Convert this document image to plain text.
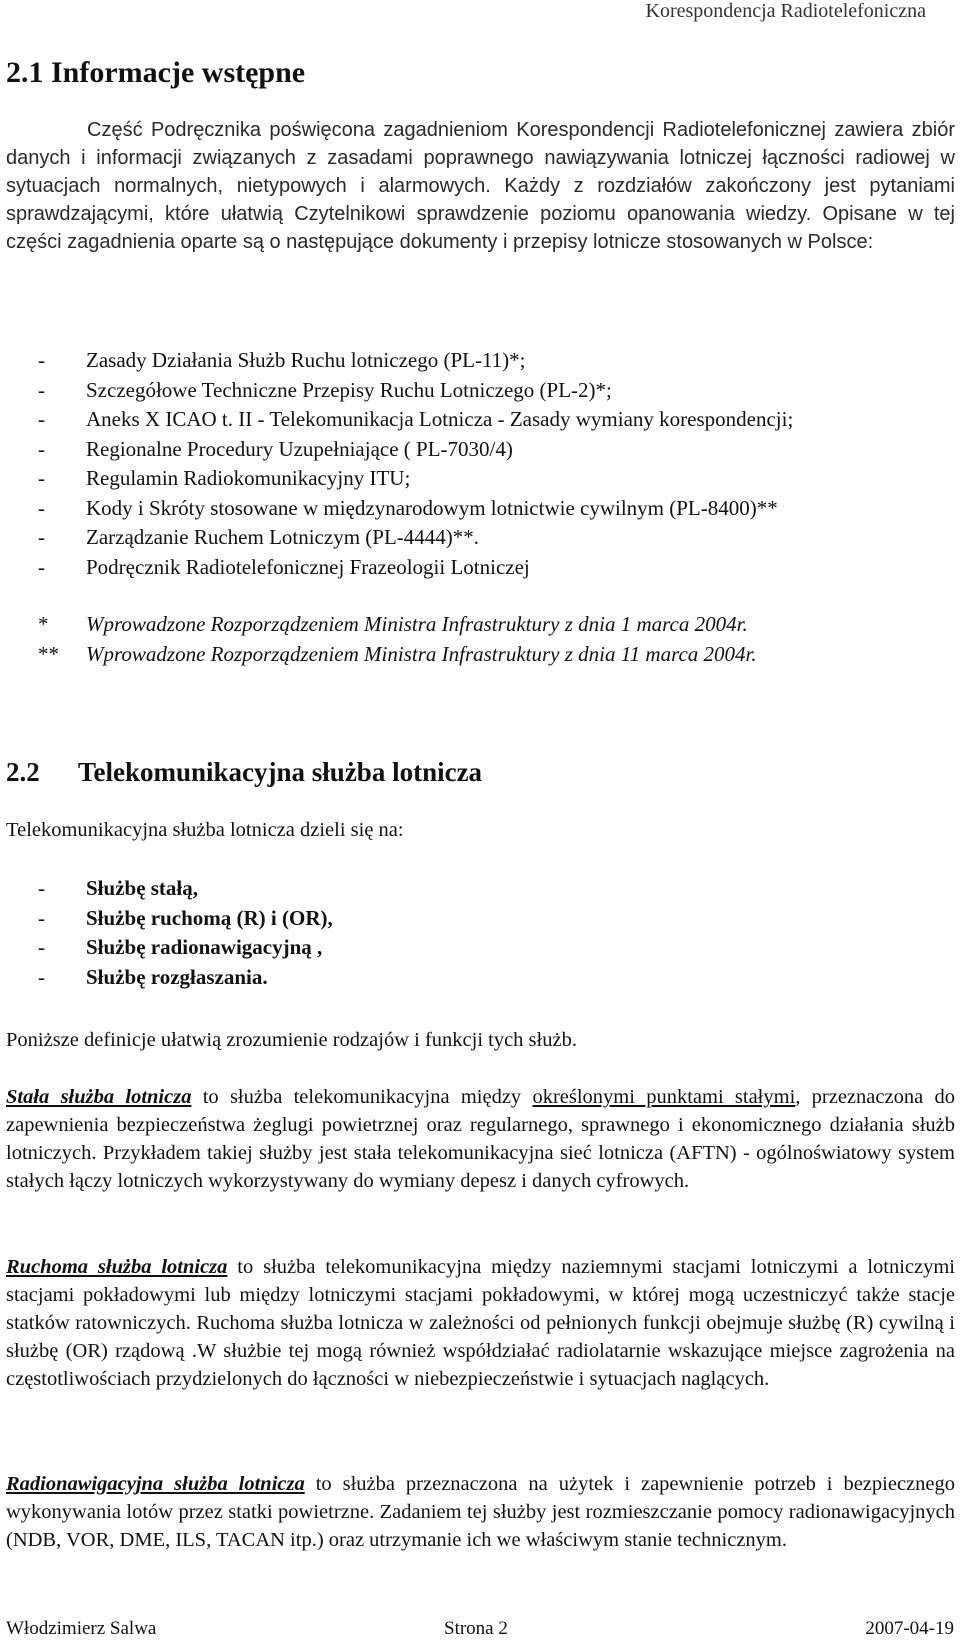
Korespondencja Radiotelefoniczna
2.1 Informacje wstępne

Część Podręcznika poświęcona zagadnieniom Korespondencji Radiotelefonicznej zawiera zbiór danych i informacji związanych z zasadami poprawnego nawiązywania lotniczej łączności radiowej w sytuacjach normalnych, nietypowych i alarmowych. Każdy z rozdziałów zakończony jest pytaniami sprawdzającymi, które ułatwią Czytelnikowi sprawdzenie poziomu opanowania wiedzy. Opisane w tej części zagadnienia oparte są o następujące dokumenty i przepisy lotnicze stosowanych w Polsce:

- Zasady Działania Służb Ruchu lotniczego (PL-11)*;
- Szczegółowe Techniczne Przepisy Ruchu Lotniczego (PL-2)*;
- Aneks X ICAO t. II - Telekomunikacja Lotnicza - Zasady wymiany korespondencji;
- Regionalne Procedury Uzupełniające ( PL-7030/4)
- Regulamin Radiokomunikacyjny ITU;
- Kody i Skróty stosowane w międzynarodowym lotnictwie cywilnym (PL-8400)**
- Zarządzanie Ruchem Lotniczym (PL-4444)**.
- Podręcznik Radiotelefonicznej Frazeologii Lotniczej
* Wprowadzone Rozporządzeniem Ministra Infrastruktury z dnia 1 marca 2004r.
** Wprowadzone Rozporządzeniem Ministra Infrastruktury z dnia 11 marca 2004r.
2.2 Telekomunikacyjna służba lotnicza

Telekomunikacyjna służba lotnicza dzieli się na:

- Służbę stałą,
- Służbę ruchomą (R) i (OR),
- Służbę radionawigacyjną ,
- Służbę rozgłaszania.

Poniższe definicje ułatwią zrozumienie rodzajów i funkcji tych służb.

Stała służba lotnicza to służba telekomunikacyjna między określonymi punktami stałymi, przeznaczona do zapewnienia bezpieczeństwa żeglugi powietrznej oraz regularnego, sprawnego i ekonomicznego działania służb lotniczych. Przykładem takiej służby jest stała telekomunikacyjna sieć lotnicza (AFTN) - ogólnoświatowy system stałych łączy lotniczych wykorzystywany do wymiany depesz i danych cyfrowych.

Ruchoma służba lotnicza to służba telekomunikacyjna między naziemnymi stacjami lotniczymi a lotniczymi stacjami pokładowymi lub między lotniczymi stacjami pokładowymi, w której mogą uczestniczyć także stacje statków ratowniczych. Ruchoma służba lotnicza w zależności od pełnionych funkcji obejmuje służbę (R) cywilną i służbę (OR) rządową .W służbie tej mogą również współdziałać radiolatarnie wskazujące miejsce zagrożenia na częstotliwościach przydzielonych do łączności w niebezpieczeństwie i sytuacjach naglących.

Radionawigacyjna służba lotnicza to służba przeznaczona na użytek i zapewnienie potrzeb i bezpiecznego wykonywania lotów przez statki powietrzne. Zadaniem tej służby jest rozmieszczanie pomocy radionawigacyjnych (NDB, VOR, DME, ILS, TACAN itp.) oraz utrzymanie ich we właściwym stanie technicznym.

Włodzimierz Salwa	Strona 2	2007-04-19
